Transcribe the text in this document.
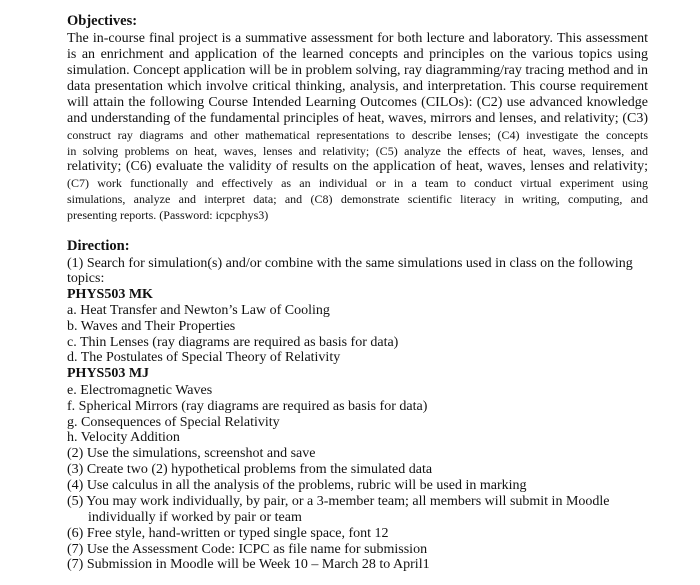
Objectives:
The in-course final project is a summative assessment for both lecture and laboratory. This assessment
is an enrichment and application of the learned concepts and principles on the various topics using
simulation. Concept application will be in problem solving, ray diagramming/ray tracing method and in
data presentation which involve critical thinking, analysis, and interpretation. This course requirement
will attain the following Course Intended Learning Outcomes (CILOs): (C2) use advanced knowledge
and understanding of the fundamental principles of heat, waves, mirrors and lenses, and relativity; (C3)
construct ray diagrams and other mathematical representations to describe lenses; (C4) investigate the concepts
in solving problems on heat, waves, lenses and relativity; (C5) analyze the effects of heat, waves, lenses, and
relativity; (C6) evaluate the validity of results on the application of heat, waves, lenses and relativity;
(C7) work functionally and effectively as an individual or in a team to conduct virtual experiment using
simulations, analyze and interpret data; and (C8) demonstrate scientific literacy in writing, computing, and
presenting reports. (Password: icpcphys3)
Direction:
(1) Search for simulation(s) and/or combine with the same simulations used in class on the following
topics:
PHYS503 MK
a. Heat Transfer and Newton’s Law of Cooling
b. Waves and Their Properties
c. Thin Lenses (ray diagrams are required as basis for data)
d. The Postulates of Special Theory of Relativity
PHYS503 MJ
e. Electromagnetic Waves
f. Spherical Mirrors (ray diagrams are required as basis for data)
g. Consequences of Special Relativity
h. Velocity Addition
(2) Use the simulations, screenshot and save
(3) Create two (2) hypothetical problems from the simulated data
(4) Use calculus in all the analysis of the problems, rubric will be used in marking
(5) You may work individually, by pair, or a 3-member team; all members will submit in Moodle
individually if worked by pair or team
(6) Free style, hand-written or typed single space, font 12
(7) Use the Assessment Code: ICPC as file name for submission
(7) Submission in Moodle will be Week 10 – March 28 to April1
